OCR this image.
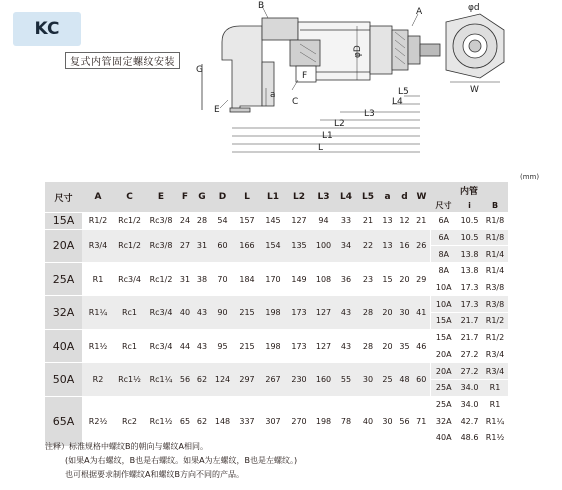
KC
复式内管固定螺纹安装
B
A	φd
G
E
a
C
F
φD
L5
L4
L3
L2
L1
L
W
(mm)
尺寸	A	C	E	F	G	D	L	L1	L2	L3	L4	L5	a	d	W	内管		
																尺寸	i	B
15A	R1/2	Rc1/2	Rc3/8	24	28	54	157	145	127	94	33	21	13	12	21	6A	10.5	R1/8
20A	R3/4	Rc1/2	Rc3/8	27	31	60	166	154	135	100	34	22	13	16	26	6A	10.5	R1/8
																8A	13.8	R1/4
25A	R1	Rc3/4	Rc1/2	31	38	70	184	170	149	108	36	23	15	20	29	8A	13.8	R1/4
																10A	17.3	R3/8
32A	R1¼	Rc1	Rc3/4	40	43	90	215	198	173	127	43	28	20	30	41	10A	17.3	R3/8
																15A	21.7	R1/2
40A	R1½	Rc1	Rc3/4	44	43	95	215	198	173	127	43	28	20	35	46	15A	21.7	R1/2
																20A	27.2	R3/4
50A	R2	Rc1½	Rc1¼	56	62	124	297	267	230	160	55	30	25	48	60	20A	27.2	R3/4
																25A	34.0	R1
65A	R2½	Rc2	Rc1½	65	62	148	337	307	270	198	78	40	30	56	71	25A	34.0	R1
																32A	42.7	R1¼
																40A	48.6	R1½

注释）标准规格中螺纹B的朝向与螺纹A相同。

(如果A为右螺纹，B也是右螺纹。如果A为左螺纹，B也是左螺纹。)

也可根据要求制作螺纹A和螺纹B方向不同的产品。
